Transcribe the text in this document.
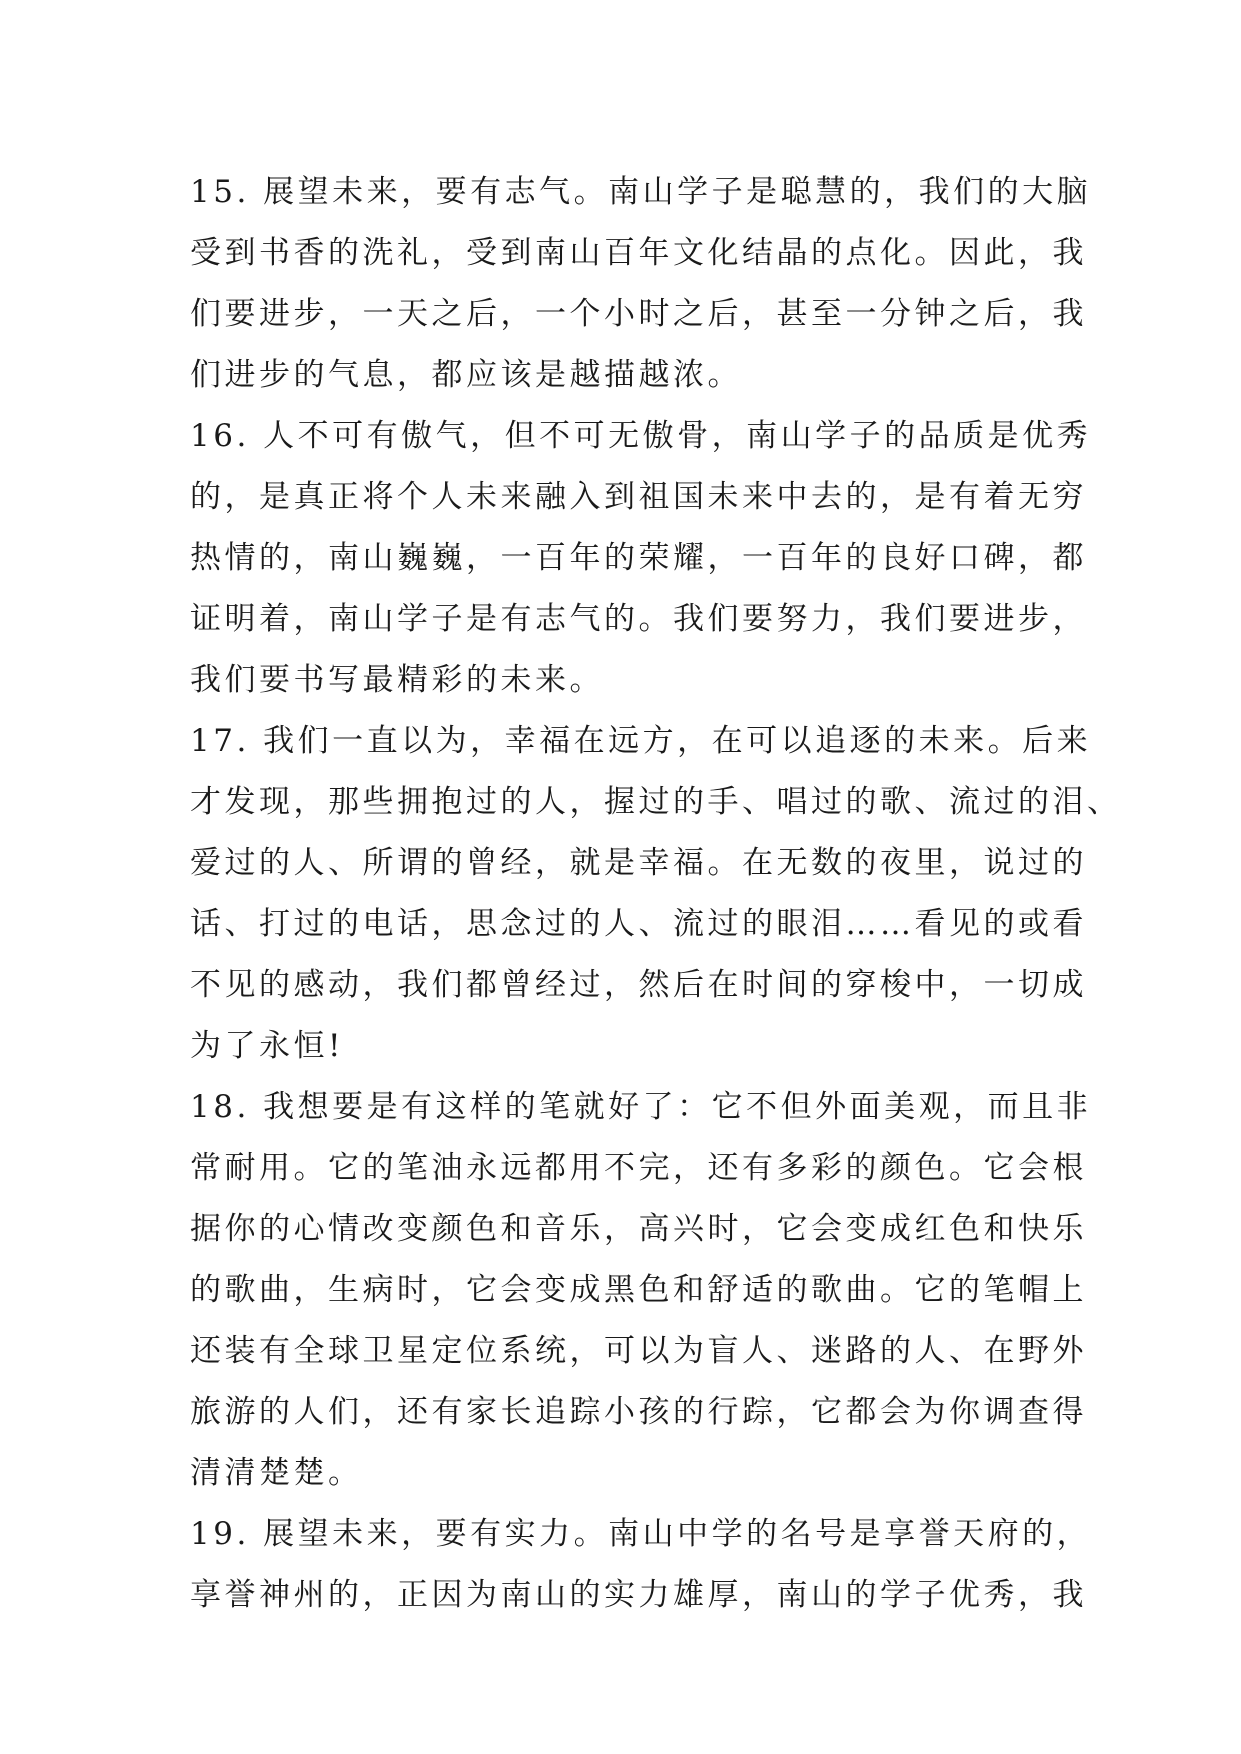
15. 展望未来，要有志气。南山学子是聪慧的，我们的大脑
受到书香的洗礼，受到南山百年文化结晶的点化。因此，我
们要进步，一天之后，一个小时之后，甚至一分钟之后，我
们进步的气息，都应该是越描越浓。
16. 人不可有傲气，但不可无傲骨，南山学子的品质是优秀
的，是真正将个人未来融入到祖国未来中去的，是有着无穷
热情的，南山巍巍，一百年的荣耀，一百年的良好口碑，都
证明着，南山学子是有志气的。我们要努力，我们要进步，
我们要书写最精彩的未来。
17. 我们一直以为，幸福在远方，在可以追逐的未来。后来
才发现，那些拥抱过的人，握过的手、唱过的歌、流过的泪、
爱过的人、所谓的曾经，就是幸福。在无数的夜里，说过的
话、打过的电话，思念过的人、流过的眼泪……看见的或看
不见的感动，我们都曾经过，然后在时间的穿梭中，一切成
为了永恒!
18. 我想要是有这样的笔就好了：它不但外面美观，而且非
常耐用。它的笔油永远都用不完，还有多彩的颜色。它会根
据你的心情改变颜色和音乐，高兴时，它会变成红色和快乐
的歌曲，生病时，它会变成黑色和舒适的歌曲。它的笔帽上
还装有全球卫星定位系统，可以为盲人、迷路的人、在野外
旅游的人们，还有家长追踪小孩的行踪，它都会为你调查得
清清楚楚。
19. 展望未来，要有实力。南山中学的名号是享誉天府的，
享誉神州的，正因为南山的实力雄厚，南山的学子优秀，我
